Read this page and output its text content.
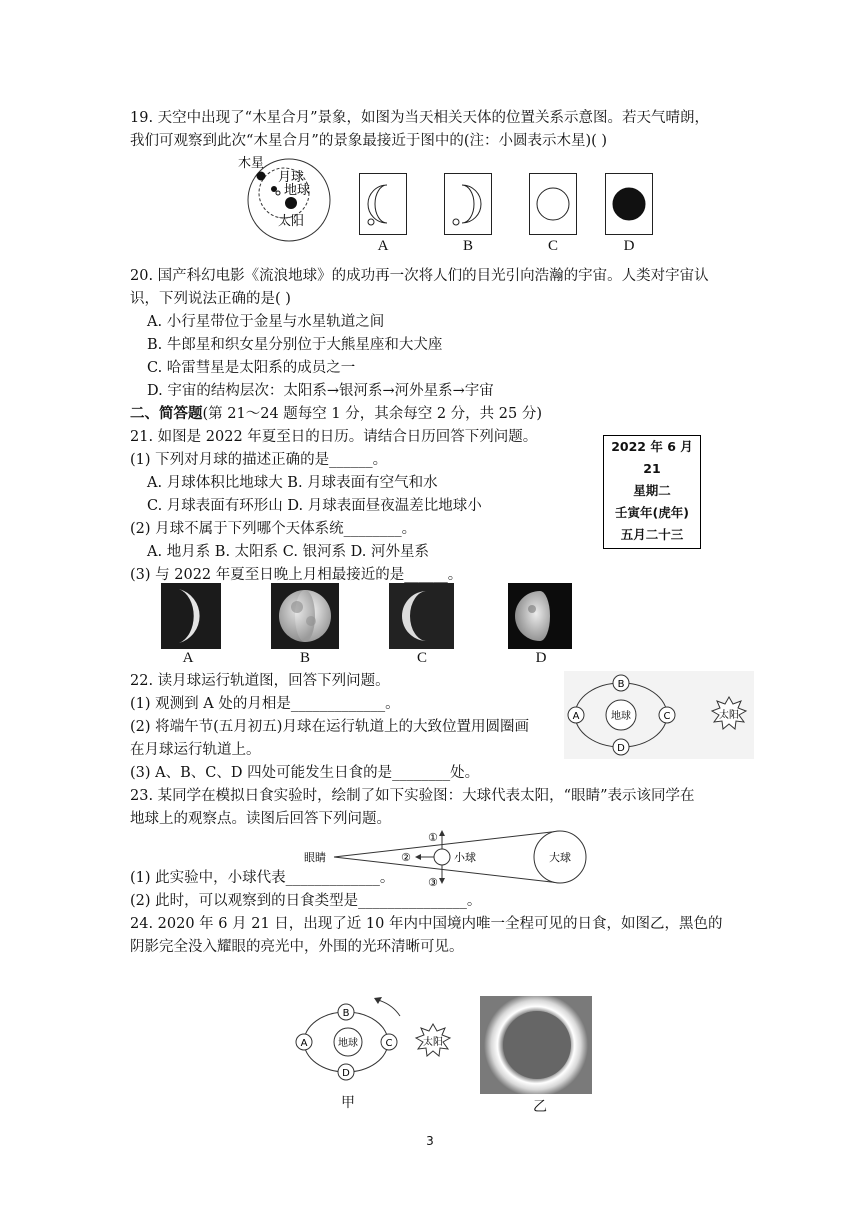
19. 天空中出现了“木星合月”景象，如图为当天相关天体的位置关系示意图。若天气晴朗，
我们可观察到此次“木星合月”的景象最接近于图中的(注：小圆表示木星)( )
木星
月球
地球
太阳
A	B	C	D
20. 国产科幻电影《流浪地球》的成功再一次将人们的目光引向浩瀚的宇宙。人类对宇宙认
识，下列说法正确的是( )
A. 小行星带位于金星与水星轨道之间
B. 牛郎星和织女星分别位于大熊星座和大犬座
C. 哈雷彗星是太阳系的成员之一
D. 宇宙的结构层次：太阳系→银河系→河外星系→宇宙
二、简答题(第 21～24 题每空 1 分，其余每空 2 分，共 25 分)
21. 如图是 2022 年夏至日的日历。请结合日历回答下列问题。
(1) 下列对月球的描述正确的是______。
A. 月球体积比地球大 B. 月球表面有空气和水
C. 月球表面有环形山 D. 月球表面昼夜温差比地球小
(2) 月球不属于下列哪个天体系统________。
A. 地月系 B. 太阳系 C. 银河系 D. 河外星系
(3) 与 2022 年夏至日晚上月相最接近的是______。
2022 年 6 月
21
星期二
壬寅年(虎年)
五月二十三
A	B	C	D
22. 读月球运行轨道图，回答下列问题。
(1) 观测到 A 处的月相是_____________。
(2) 将端午节(五月初五)月球在运行轨道上的大致位置用圆圈画
在月球运行轨道上。
(3) A、B、C、D 四处可能发生日食的是________处。
地球
B
A	C
D
太阳
23. 某同学在模拟日食实验时，绘制了如下实验图：大球代表太阳，“眼睛”表示该同学在
地球上的观察点。读图后回答下列问题。
眼睛	大球
小球
①
②
③
(1) 此实验中，小球代表_____________。
(2) 此时，可以观察到的日食类型是_______________。
24. 2020 年 6 月 21 日，出现了近 10 年内中国境内唯一全程可见的日食，如图乙，黑色的
阴影完全没入耀眼的亮光中，外围的光环清晰可见。
地球
B
A	C
D
太阳
甲	乙
3
